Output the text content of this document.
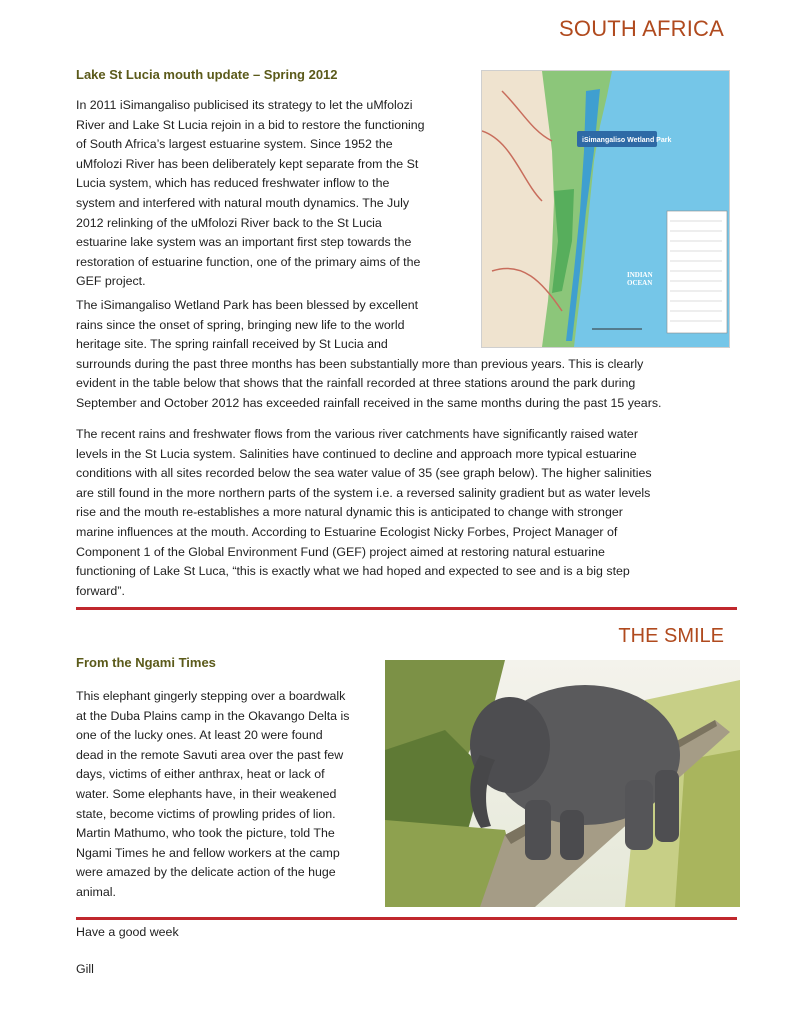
SOUTH AFRICA
Lake St Lucia mouth update – Spring 2012
In 2011 iSimangaliso publicised its strategy to let the uMfolozi
River and Lake St Lucia rejoin in a bid to restore the functioning
of South Africa’s largest estuarine system. Since 1952 the
uMfolozi River has been deliberately kept separate from the St
Lucia system, which has reduced freshwater inflow to the
system and interfered with natural mouth dynamics. The July
2012 relinking of the uMfolozi River back to the St Lucia
estuarine lake system was an important first step towards the
restoration of estuarine function, one of the primary aims of the
GEF project.
iSimangaliso Wetland Park
INDIAN
OCEAN
The iSimangaliso Wetland Park has been blessed by excellent
rains since the onset of spring, bringing new life to the world
heritage site. The spring rainfall received by St Lucia and
surrounds during the past three months has been substantially more than previous years. This is clearly
evident in the table below that shows that the rainfall recorded at three stations around the park during
September and October 2012 has exceeded rainfall received in the same months during the past 15 years.
The recent rains and freshwater flows from the various river catchments have significantly raised water
levels in the St Lucia system. Salinities have continued to decline and approach more typical estuarine
conditions with all sites recorded below the sea water value of 35 (see graph below). The higher salinities
are still found in the more northern parts of the system i.e. a reversed salinity gradient but as water levels
rise and the mouth re-establishes a more natural dynamic this is anticipated to change with stronger
marine influences at the mouth. According to Estuarine Ecologist Nicky Forbes, Project Manager of
Component 1 of the Global Environment Fund (GEF) project aimed at restoring natural estuarine
functioning of Lake St Luca, “this is exactly what we had hoped and expected to see and is a big step
forward”.
THE SMILE
From the Ngami Times
This elephant gingerly stepping over a boardwalk
at the Duba Plains camp in the Okavango Delta is
one of the lucky ones. At least 20 were found
dead in the remote Savuti area over the past few
days, victims of either anthrax, heat or lack of
water. Some elephants have, in their weakened
state, become victims of prowling prides of lion.
Martin Mathumo, who took the picture, told The
Ngami Times he and fellow workers at the camp
were amazed by the delicate action of the huge
animal.
Have a good week
Gill
